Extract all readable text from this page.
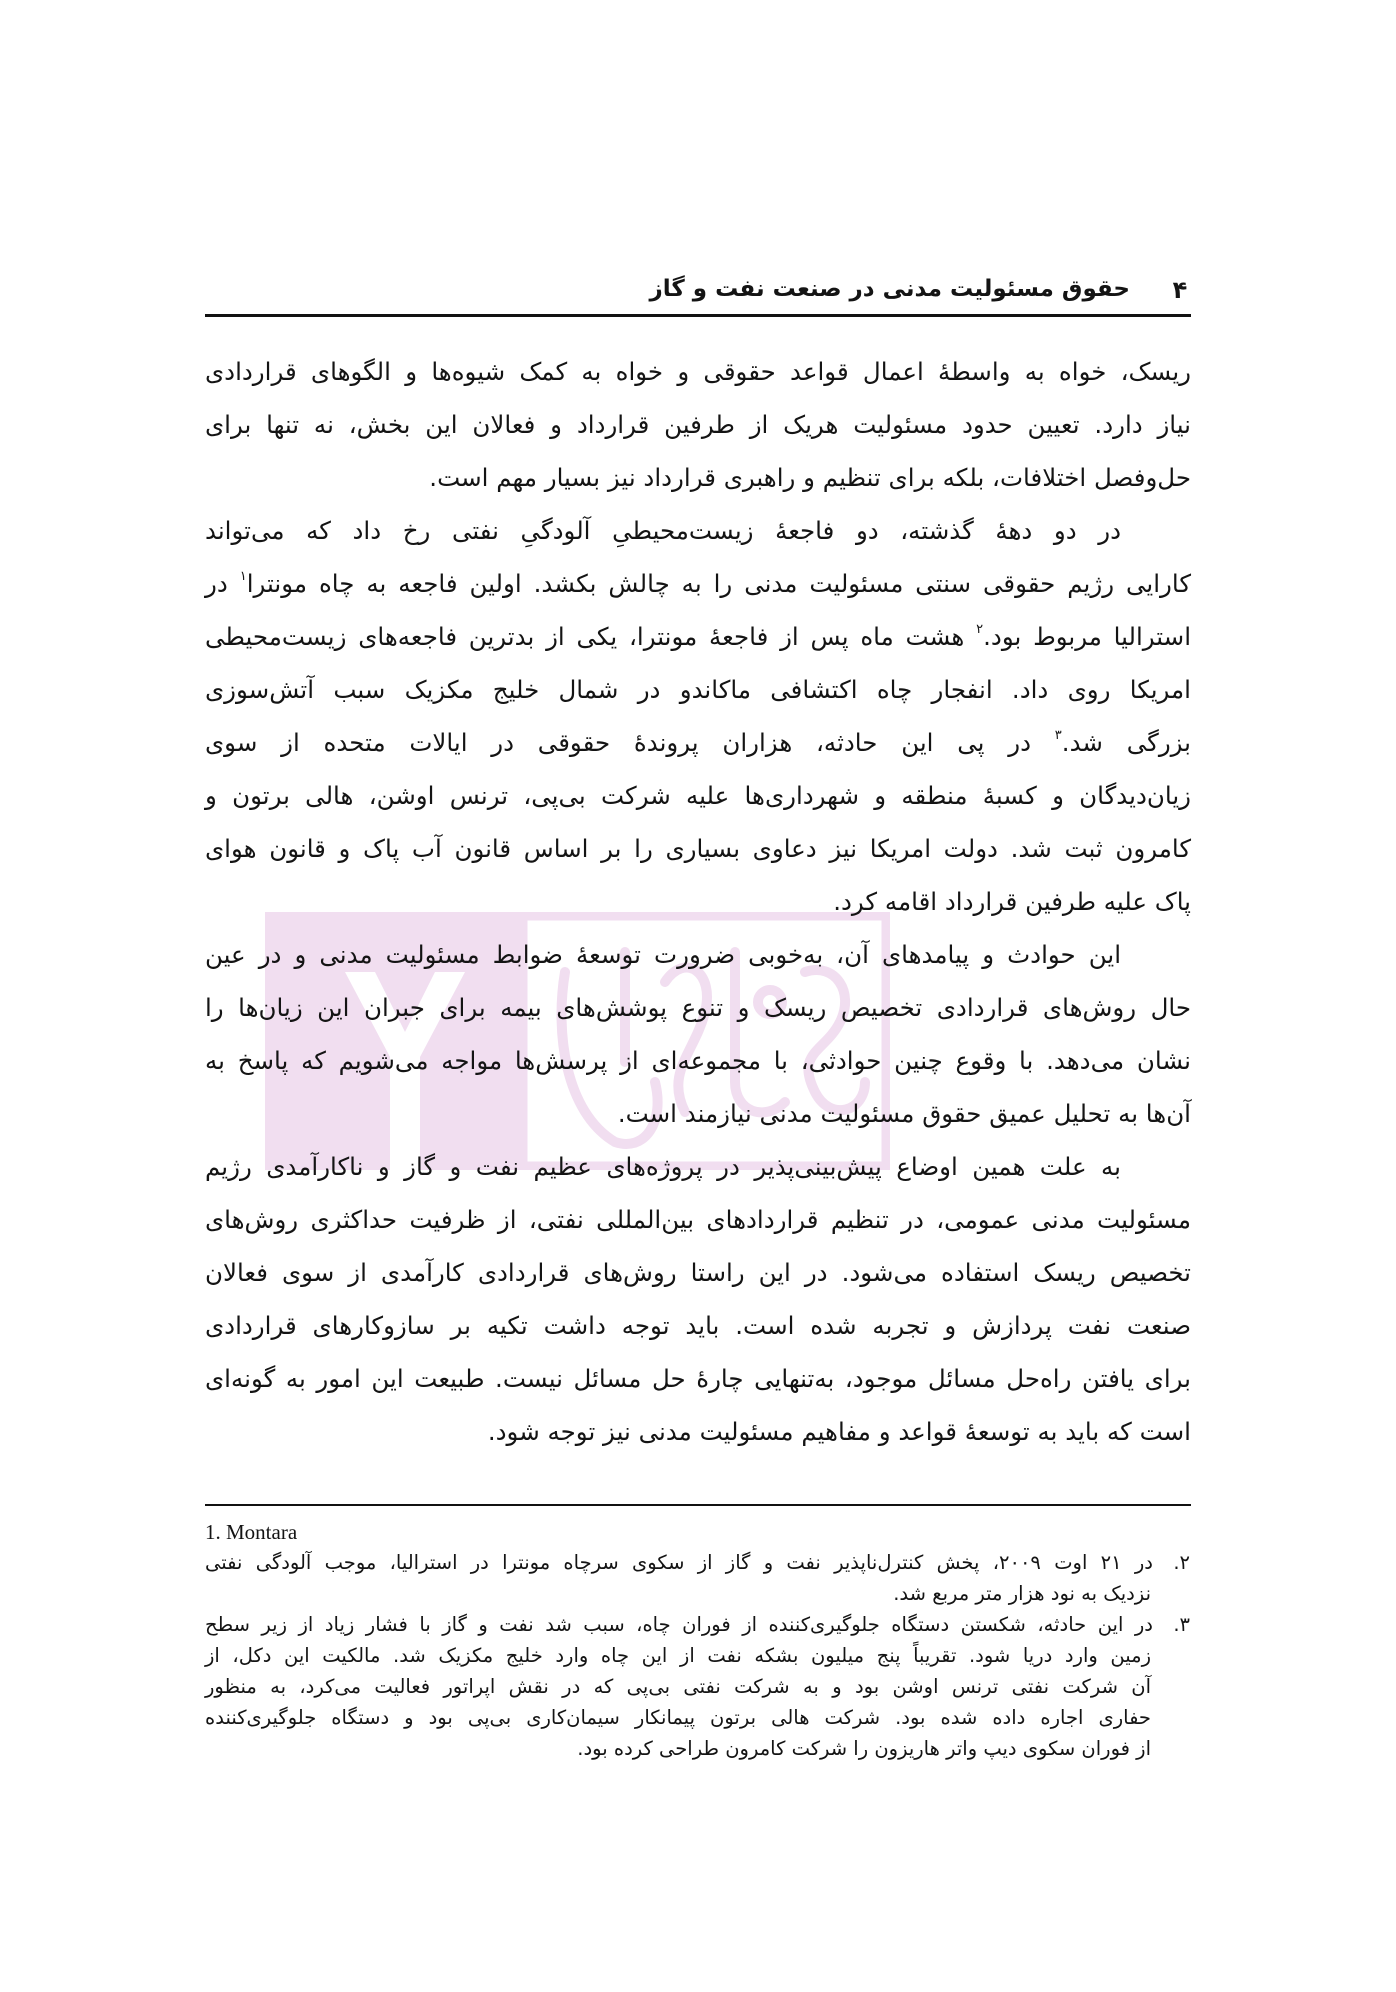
۴
حقوق مسئولیت مدنی در صنعت نفت و گاز
ریسک، خواه به واسطهٔ اعمال قواعد حقوقی و خواه به کمک شیوه‌ها و الگوهای قراردادی
نیاز دارد. تعیین حدود مسئولیت هریک از طرفین قرارداد و فعالان این بخش، نه تنها برای
حل‌وفصل اختلافات، بلکه برای تنظیم و راهبری قرارداد نیز بسیار مهم است.
در دو دههٔ گذشته، دو فاجعهٔ زیست‌محیطیِ آلودگیِ نفتی رخ داد که می‌تواند
کارایی رژیم حقوقی سنتی مسئولیت مدنی را به چالش بکشد. اولین فاجعه به چاه مونترا$^۱$ در
استرالیا مربوط بود.$^۲$ هشت ماه پس از فاجعهٔ مونترا، یکی از بدترین فاجعه‌های زیست‌محیطی
امریکا روی داد. انفجار چاه اکتشافی ماکاندو در شمال خلیج مکزیک سبب آتش‌سوزی
بزرگی شد.$^۳$ در پی این حادثه، هزاران پروندهٔ حقوقی در ایالات متحده از سوی
زیان‌دیدگان و کسبهٔ منطقه و شهرداری‌ها علیه شرکت بی‌پی، ترنس اوشن، هالی برتون و
کامرون ثبت شد. دولت امریکا نیز دعاوی بسیاری را بر اساس قانون آب پاک و قانون هوای
پاک علیه طرفین قرارداد اقامه کرد.
این حوادث و پیامدهای آن، به‌خوبی ضرورت توسعهٔ ضوابط مسئولیت مدنی و در عین
حال روش‌های قراردادی تخصیص ریسک و تنوع پوشش‌های بیمه برای جبران این زیان‌ها را
نشان می‌دهد. با وقوع چنین حوادثی، با مجموعه‌ای از پرسش‌ها مواجه می‌شویم که پاسخ به
آن‌ها به تحلیل عمیق حقوق مسئولیت مدنی نیازمند است.
به علت همین اوضاع پیش‌بینی‌پذیر در پروژه‌های عظیم نفت و گاز و ناکارآمدی رژیم
مسئولیت مدنی عمومی، در تنظیم قراردادهای بین‌المللی نفتی، از ظرفیت حداکثری روش‌های
تخصیص ریسک استفاده می‌شود. در این راستا روش‌های قراردادی کارآمدی از سوی فعالان
صنعت نفت پردازش و تجربه شده است. باید توجه داشت تکیه بر سازوکارهای قراردادی
برای یافتن راه‌حل مسائل موجود، به‌تنهایی چارهٔ حل مسائل نیست. طبیعت این امور به گونه‌ای
است که باید به توسعهٔ قواعد و مفاهیم مسئولیت مدنی نیز توجه شود.
1. Montara
۲.
در ۲۱ اوت ۲۰۰۹، پخش کنترل‌ناپذیر نفت و گاز از سکوی سرچاه مونترا در استرالیا، موجب آلودگی نفتی
نزدیک به نود هزار متر مربع شد.
۳.
در این حادثه، شکستن دستگاه جلوگیری‌کننده از فوران چاه، سبب شد نفت و گاز با فشار زیاد از زیر سطح
زمین وارد دریا شود. تقریباً پنج میلیون بشکه نفت از این چاه وارد خلیج مکزیک شد. مالکیت این دکل، از
آن شرکت نفتی ترنس اوشن بود و به شرکت نفتی بی‌پی که در نقش اپراتور فعالیت می‌کرد، به منظور
حفاری اجاره داده شده بود. شرکت هالی برتون پیمانکار سیمان‌کاری بی‌پی بود و دستگاه جلوگیری‌کننده
از فوران سکوی دیپ واتر هاریزون را شرکت کامرون طراحی کرده بود.
